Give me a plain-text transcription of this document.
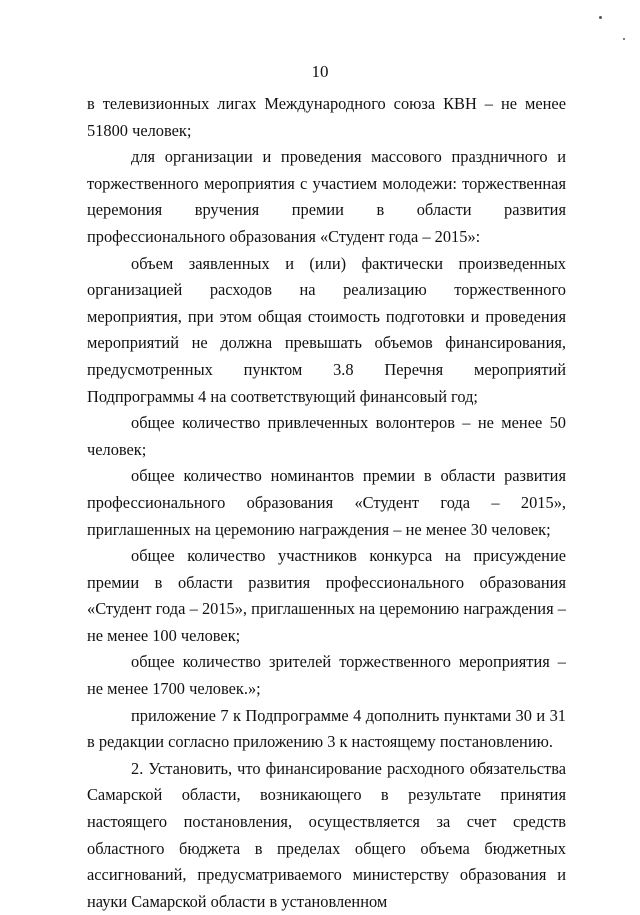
10

в телевизионных лигах Международного союза КВН – не менее 51800 человек;

для организации и проведения массового праздничного и торжественного мероприятия с участием молодежи: торжественная церемония вручения премии в области развития профессионального образования «Студент года – 2015»:

объем заявленных и (или) фактически произведенных организацией расходов на реализацию торжественного мероприятия, при этом общая стоимость подготовки и проведения мероприятий не должна превышать объемов финансирования, предусмотренных пунктом 3.8 Перечня мероприятий Подпрограммы 4 на соответствующий финансовый год;

общее количество привлеченных волонтеров – не менее 50 человек;

общее количество номинантов премии в области развития профессионального образования «Студент года – 2015», приглашенных на церемонию награждения – не менее 30 человек;

общее количество участников конкурса на присуждение премии в области развития профессионального образования «Студент года – 2015», приглашенных на церемонию награждения – не менее 100 человек;

общее количество зрителей торжественного мероприятия – не менее 1700 человек.»;

приложение 7 к Подпрограмме 4 дополнить пунктами 30 и 31 в редакции согласно приложению 3 к настоящему постановлению.

2. Установить, что финансирование расходного обязательства Самарской области, возникающего в результате принятия настоящего постановления, осуществляется за счет средств областного бюджета в пределах общего объема бюджетных ассигнований, предусматриваемого министерству образования и науки Самарской области в установленном
